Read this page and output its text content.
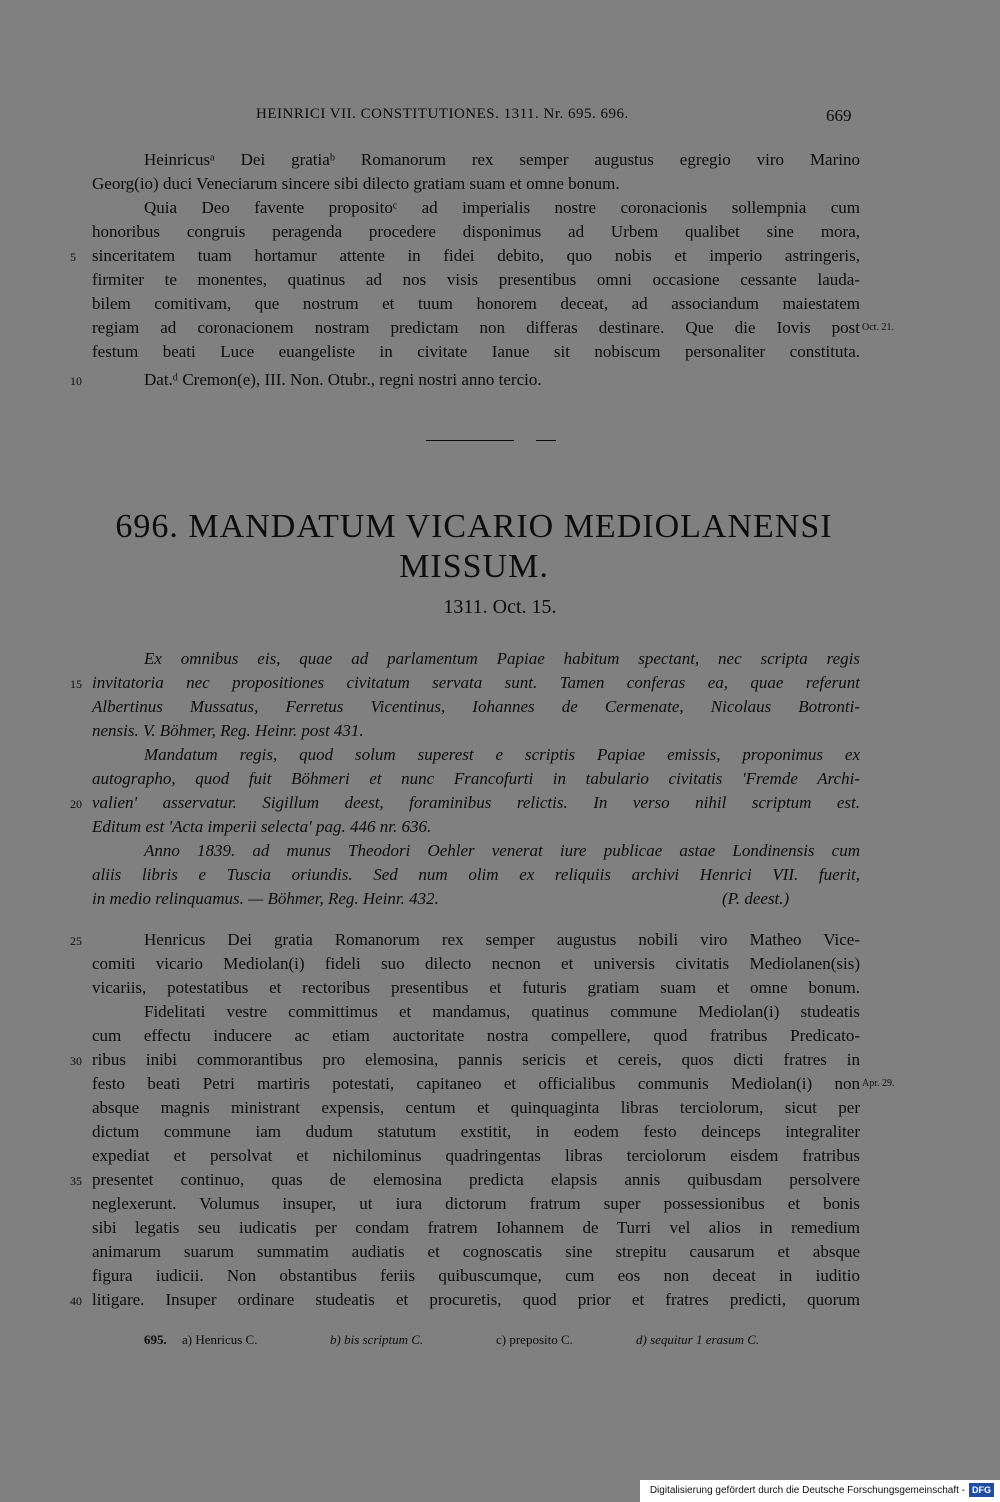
HEINRICI VII. CONSTITUTIONES. 1311. Nr. 695. 696.	669
Heinricusᵃ Dei gratiaᵇ Romanorum rex semper augustus egregio viro Marino
Georg(io) duci Veneciarum sincere sibi dilecto gratiam suam et omne bonum.
Quia Deo favente propositoᶜ ad imperialis nostre coronacionis sollempnia cum
honoribus congruis peragenda procedere disponimus ad Urbem qualibet sine mora,
sinceritatem tuam hortamur attente in fidei debito, quo nobis et imperio astringeris,
firmiter te monentes, quatinus ad nos visis presentibus omni occasione cessante lauda-
bilem comitivam, que nostrum et tuum honorem deceat, ad associandum maiestatem
regiam ad coronacionem nostram predictam non differas destinare. Que die Iovis post
festum beati Luce euangeliste in civitate Ianue sit nobiscum personaliter constituta.
Dat.ᵈ Cremon(e), III. Non. Otubr., regni nostri anno tercio.
5
10
Oct. 21.
696. MANDATUM VICARIO MEDIOLANENSI
MISSUM.
1311. Oct. 15.
Ex omnibus eis, quae ad parlamentum Papiae habitum spectant, nec scripta regis
invitatoria nec propositiones civitatum servata sunt. Tamen conferas ea, quae referunt
Albertinus Mussatus, Ferretus Vicentinus, Iohannes de Cermenate, Nicolaus Botronti-
nensis. V. Böhmer, Reg. Heinr. post 431.
Mandatum regis, quod solum superest e scriptis Papiae emissis, proponimus ex
autographo, quod fuit Böhmeri et nunc Francofurti in tabulario civitatis 'Fremde Archi-
valien' asservatur. Sigillum deest, foraminibus relictis. In verso nihil scriptum est.
Editum est 'Acta imperii selecta' pag. 446 nr. 636.
Anno 1839. ad munus Theodori Oehler venerat iure publicae astae Londinensis cum
aliis libris e Tuscia oriundis. Sed num olim ex reliquiis archivi Henrici VII. fuerit,
in medio relinquamus. — Böhmer, Reg. Heinr. 432.	(P. deest.)
15
20
Henricus Dei gratia Romanorum rex semper augustus nobili viro Matheo Vice-
comiti vicario Mediolan(i) fideli suo dilecto necnon et universis civitatis Mediolanen(sis)
vicariis, potestatibus et rectoribus presentibus et futuris gratiam suam et omne bonum.
Fidelitati vestre committimus et mandamus, quatinus commune Mediolan(i) studeatis
cum effectu inducere ac etiam auctoritate nostra compellere, quod fratribus Predicato-
ribus inibi commorantibus pro elemosina, pannis sericis et cereis, quos dicti fratres in
festo beati Petri martiris potestati, capitaneo et officialibus communis Mediolan(i) non
absque magnis ministrant expensis, centum et quinquaginta libras terciolorum, sicut per
dictum commune iam dudum statutum exstitit, in eodem festo deinceps integraliter
expediat et persolvat et nichilominus quadringentas libras terciolorum eisdem fratribus
presentet continuo, quas de elemosina predicta elapsis annis quibusdam persolvere
neglexerunt. Volumus insuper, ut iura dictorum fratrum super possessionibus et bonis
sibi legatis seu iudicatis per condam fratrem Iohannem de Turri vel alios in remedium
animarum suarum summatim audiatis et cognoscatis sine strepitu causarum et absque
figura iudicii. Non obstantibus feriis quibuscumque, cum eos non deceat in iuditio
litigare. Insuper ordinare studeatis et procuretis, quod prior et fratres predicti, quorum
25
30
35
40
Apr. 29.
695. a) Henricus C.	b) bis scriptum C.	c) preposito C.	d) sequitur 1 erasum C.
Digitalisierung gefördert durch die Deutsche Forschungsgemeinschaft - DFG
